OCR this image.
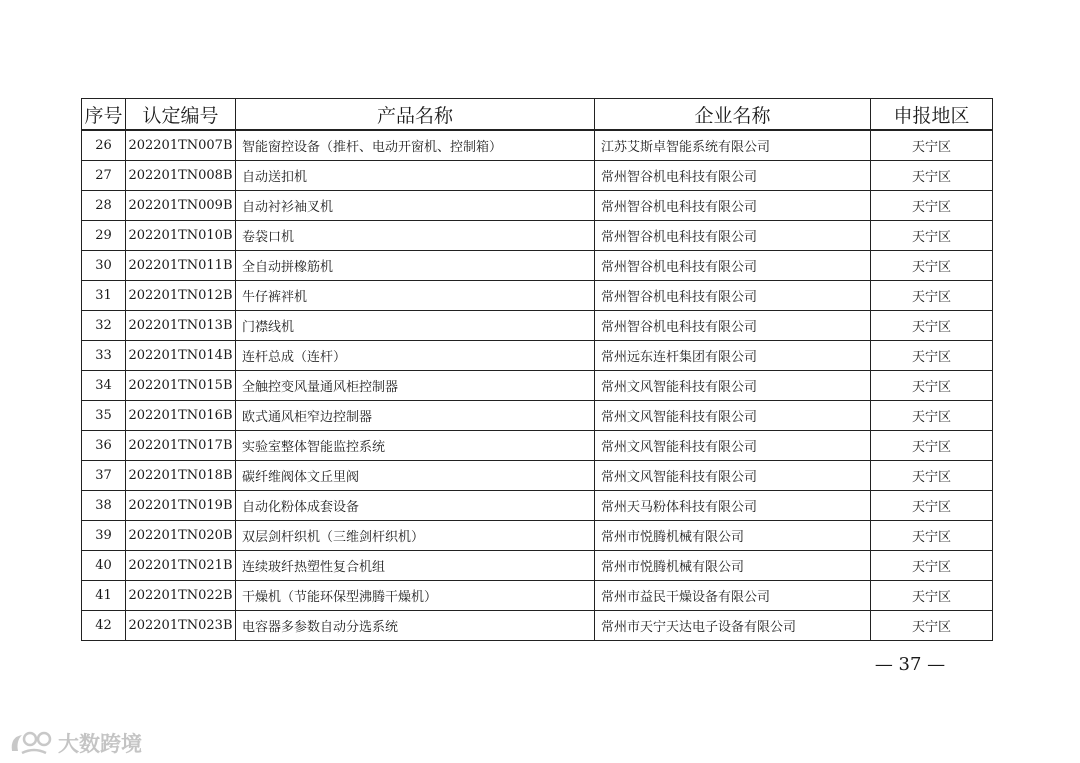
序号	认定编号	产品名称	企业名称	申报地区
26	202201TN007B	智能窗控设备（推杆、电动开窗机、控制箱）	江苏艾斯卓智能系统有限公司	天宁区
27	202201TN008B	自动送扣机	常州智谷机电科技有限公司	天宁区
28	202201TN009B	自动衬衫袖叉机	常州智谷机电科技有限公司	天宁区
29	202201TN010B	卷袋口机	常州智谷机电科技有限公司	天宁区
30	202201TN011B	全自动拼橡筋机	常州智谷机电科技有限公司	天宁区
31	202201TN012B	牛仔裤袢机	常州智谷机电科技有限公司	天宁区
32	202201TN013B	门襟线机	常州智谷机电科技有限公司	天宁区
33	202201TN014B	连杆总成（连杆）	常州远东连杆集团有限公司	天宁区
34	202201TN015B	全触控变风量通风柜控制器	常州文风智能科技有限公司	天宁区
35	202201TN016B	欧式通风柜窄边控制器	常州文风智能科技有限公司	天宁区
36	202201TN017B	实验室整体智能监控系统	常州文风智能科技有限公司	天宁区
37	202201TN018B	碳纤维阀体文丘里阀	常州文风智能科技有限公司	天宁区
38	202201TN019B	自动化粉体成套设备	常州天马粉体科技有限公司	天宁区
39	202201TN020B	双层剑杆织机（三维剑杆织机）	常州市悦腾机械有限公司	天宁区
40	202201TN021B	连续玻纤热塑性复合机组	常州市悦腾机械有限公司	天宁区
41	202201TN022B	干燥机（节能环保型沸腾干燥机）	常州市益民干燥设备有限公司	天宁区
42	202201TN023B	电容器多参数自动分选系统	常州市天宁天达电子设备有限公司	天宁区
— 37 —
大数跨境
